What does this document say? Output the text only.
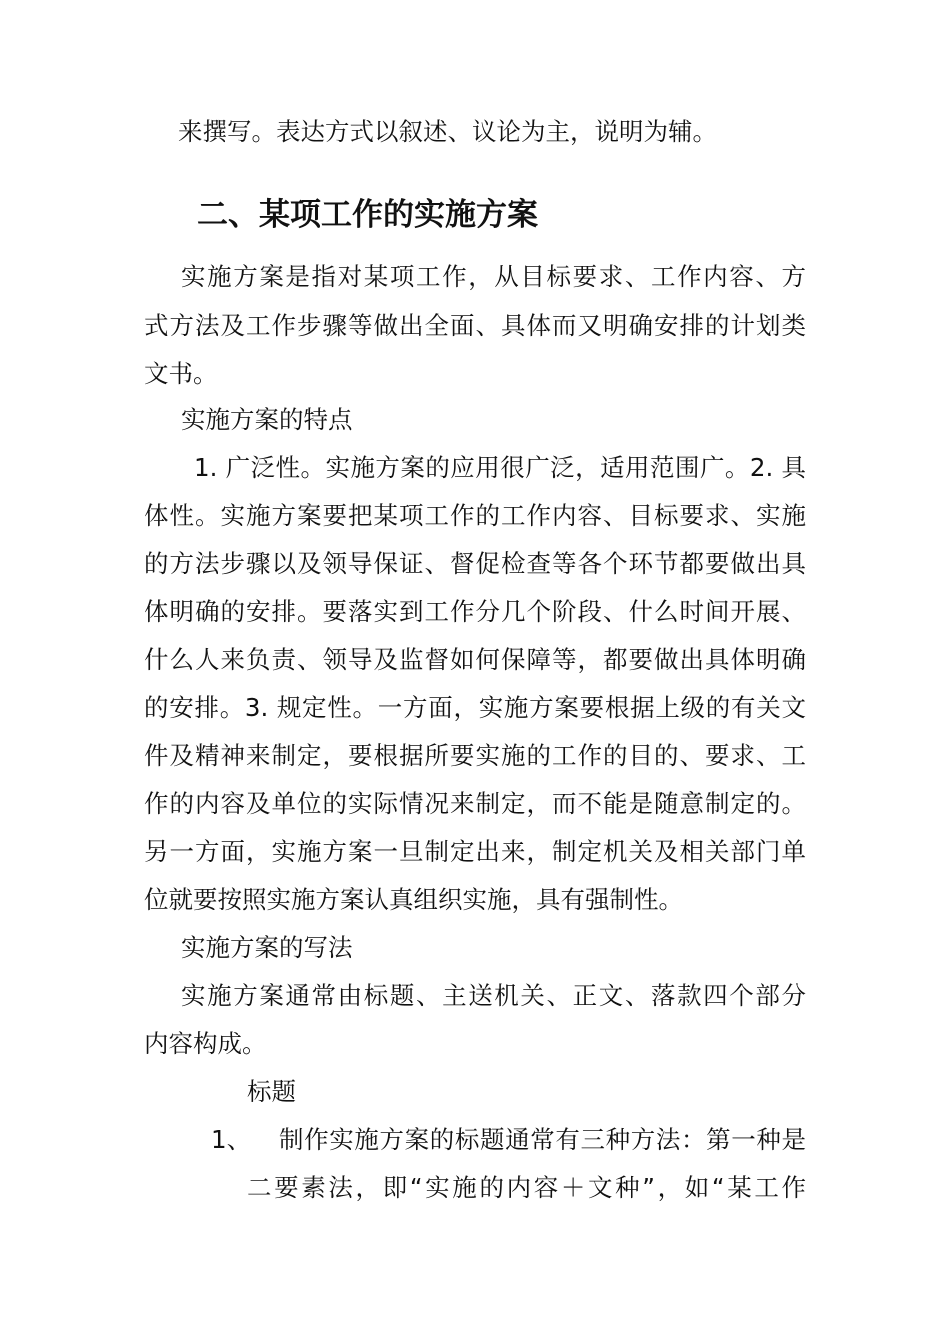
来撰写。表达方式以叙述、议论为主，说明为辅。
二、某项工作的实施方案
实施方案是指对某项工作，从目标要求、工作内容、方
式方法及工作步骤等做出全面、具体而又明确安排的计划类
文书。
实施方案的特点
1. 广泛性。实施方案的应用很广泛，适用范围广。2. 具
体性。实施方案要把某项工作的工作内容、目标要求、实施
的方法步骤以及领导保证、督促检查等各个环节都要做出具
体明确的安排。要落实到工作分几个阶段、什么时间开展、
什么人来负责、领导及监督如何保障等，都要做出具体明确
的安排。3. 规定性。一方面，实施方案要根据上级的有关文
件及精神来制定，要根据所要实施的工作的目的、要求、工
作的内容及单位的实际情况来制定，而不能是随意制定的。
另一方面，实施方案一旦制定出来，制定机关及相关部门单
位就要按照实施方案认真组织实施，具有强制性。
实施方案的写法
实施方案通常由标题、主送机关、正文、落款四个部分
内容构成。
标题
1、 制作实施方案的标题通常有三种方法：第一种是
二要素法，即“实施的内容＋文种”，如“某工作
